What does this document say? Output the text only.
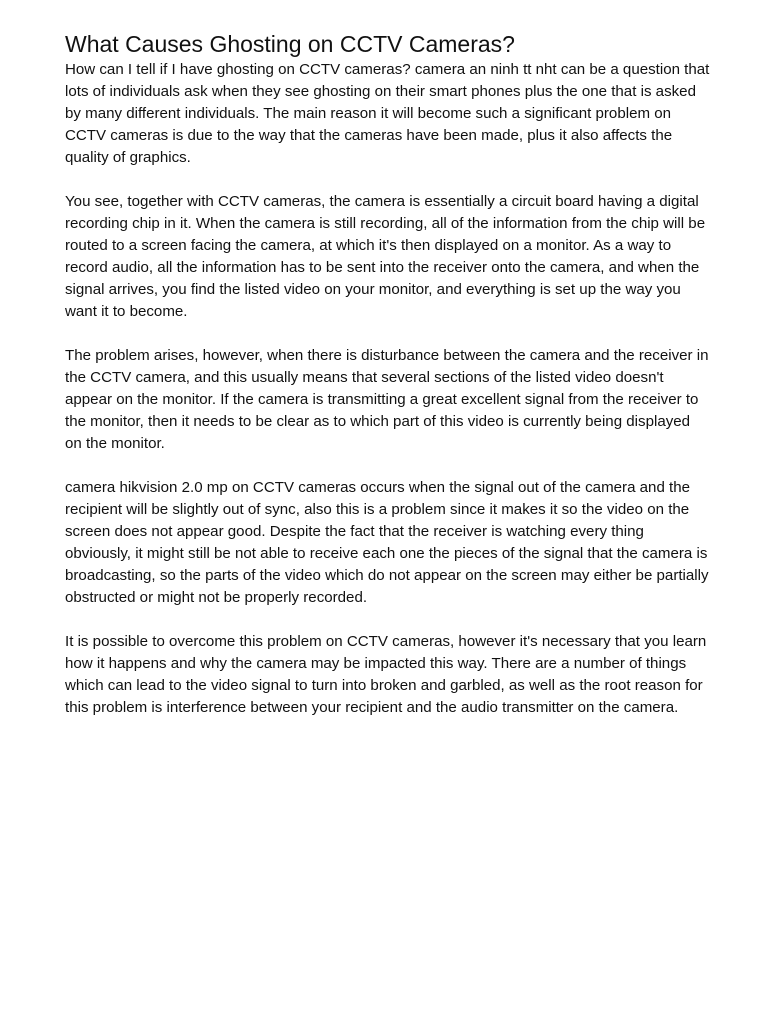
What Causes Ghosting on CCTV Cameras?

How can I tell if I have ghosting on CCTV cameras? camera an ninh tt nht can be a question that lots of individuals ask when they see ghosting on their smart phones plus the one that is asked by many different individuals. The main reason it will become such a significant problem on CCTV cameras is due to the way that the cameras have been made, plus it also affects the quality of graphics.

You see, together with CCTV cameras, the camera is essentially a circuit board having a digital recording chip in it. When the camera is still recording, all of the information from the chip will be routed to a screen facing the camera, at which it's then displayed on a monitor. As a way to record audio, all the information has to be sent into the receiver onto the camera, and when the signal arrives, you find the listed video on your monitor, and everything is set up the way you want it to become.

The problem arises, however, when there is disturbance between the camera and the receiver in the CCTV camera, and this usually means that several sections of the listed video doesn't appear on the monitor. If the camera is transmitting a great excellent signal from the receiver to the monitor, then it needs to be clear as to which part of this video is currently being displayed on the monitor.

camera hikvision 2.0 mp on CCTV cameras occurs when the signal out of the camera and the recipient will be slightly out of sync, also this is a problem since it makes it so the video on the screen does not appear good. Despite the fact that the receiver is watching every thing obviously, it might still be not able to receive each one the pieces of the signal that the camera is broadcasting, so the parts of the video which do not appear on the screen may either be partially obstructed or might not be properly recorded.

It is possible to overcome this problem on CCTV cameras, however it's necessary that you learn how it happens and why the camera may be impacted this way. There are a number of things which can lead to the video signal to turn into broken and garbled, as well as the root reason for this problem is interference between your recipient and the audio transmitter on the camera.
